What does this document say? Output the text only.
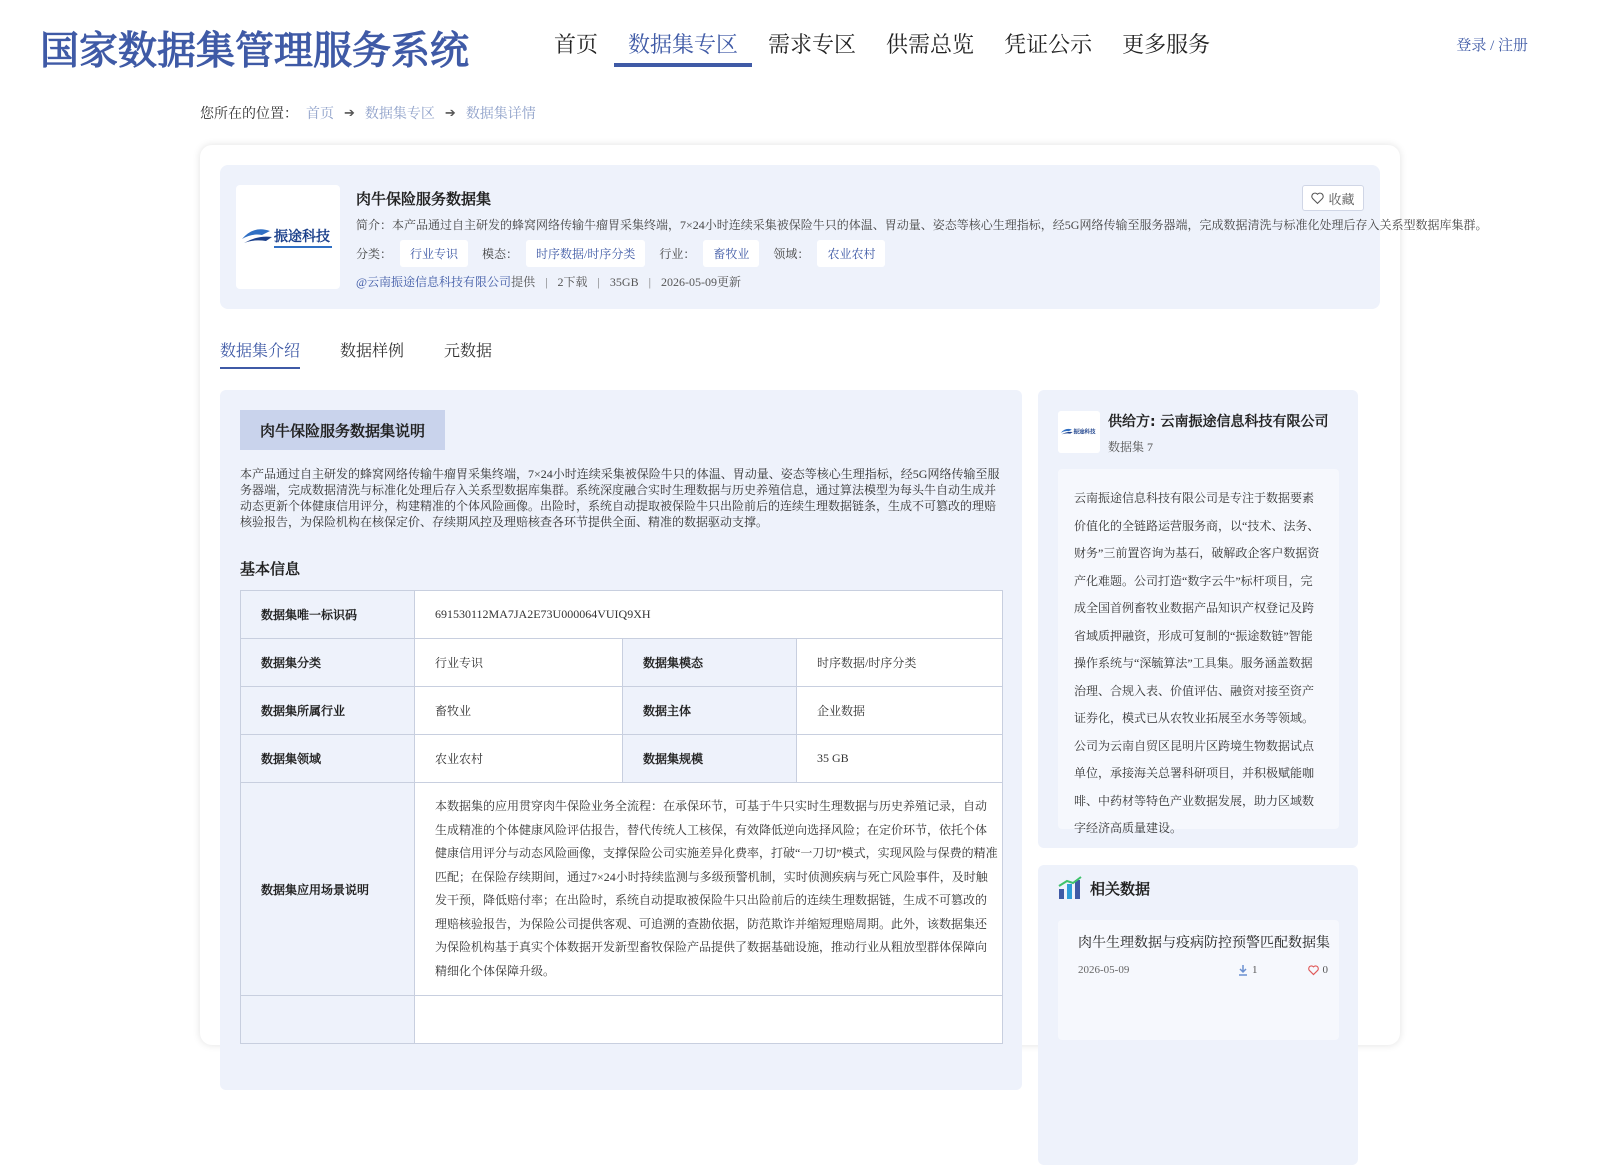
国家数据集管理服务系统	首页	数据集专区	需求专区	供需总览	凭证公示	更多服务	登录 / 注册
您所在的位置： 首页 ➔ 数据集专区 ➔ 数据集详情
振途科技
肉牛保险服务数据集
简介：本产品通过自主研发的蜂窝网络传输牛瘤胃采集终端，7×24小时连续采集被保险牛只的体温、胃动量、姿态等核心生理指标，经5G网络传输至服务器端，完成数据清洗与标准化处理后存入关系型数据库集群。
分类：	行业专识	模态：	时序数据/时序分类	行业：	畜牧业	领域：	农业农村
@云南振途信息科技有限公司提供 | 2下载 | 35GB | 2026-05-09更新
收藏
数据集介绍	数据样例	元数据
肉牛保险服务数据集说明
本产品通过自主研发的蜂窝网络传输牛瘤胃采集终端，7×24小时连续采集被保险牛只的体温、胃动量、姿态等核心生理指标，经5G网络传输至服务器端，完成数据清洗与标准化处理后存入关系型数据库集群。系统深度融合实时生理数据与历史养殖信息，通过算法模型为每头牛自动生成并动态更新个体健康信用评分，构建精准的个体风险画像。出险时，系统自动提取被保险牛只出险前后的连续生理数据链条，生成不可篡改的理赔核验报告，为保险机构在核保定价、存续期风控及理赔核查各环节提供全面、精准的数据驱动支撑。
基本信息
数据集唯一标识码	691530112MA7JA2E73U000064VUIQ9XH		
数据集分类	行业专识	数据集模态	时序数据/时序分类
数据集所属行业	畜牧业	数据主体	企业数据
数据集领域	农业农村	数据集规模	35 GB
数据集应用场景说明	本数据集的应用贯穿肉牛保险业务全流程：在承保环节，可基于牛只实时生理数据与历史养殖记录，自动生成精准的个体健康风险评估报告，替代传统人工核保，有效降低逆向选择风险；在定价环节，依托个体健康信用评分与动态风险画像，支撑保险公司实施差异化费率，打破“一刀切”模式，实现风险与保费的精准匹配；在保险存续期间，通过7×24小时持续监测与多级预警机制，实时侦测疾病与死亡风险事件，及时触发干预，降低赔付率；在出险时，系统自动提取被保险牛只出险前后的连续生理数据链，生成不可篡改的理赔核验报告，为保险公司提供客观、可追溯的查勘依据，防范欺诈并缩短理赔周期。此外，该数据集还为保险机构基于真实个体数据开发新型畜牧保险产品提供了数据基础设施，推动行业从粗放型群体保障向精细化个体保障升级。		

振途科技
供给方: 云南振途信息科技有限公司
数据集 7
云南振途信息科技有限公司是专注于数据要素价值化的全链路运营服务商，以“技术、法务、财务”三前置咨询为基石，破解政企客户数据资产化难题。公司打造“数字云牛”标杆项目，完成全国首例畜牧业数据产品知识产权登记及跨省域质押融资，形成可复制的“振途数链”智能操作系统与“深毓算法”工具集。服务涵盖数据治理、合规入表、价值评估、融资对接至资产证券化，模式已从农牧业拓展至水务等领域。公司为云南自贸区昆明片区跨境生物数据试点单位，承接海关总署科研项目，并积极赋能咖啡、中药材等特色产业数据发展，助力区域数字经济高质量建设。
相关数据
肉牛生理数据与疫病防控预警匹配数据集
2026-05-09	1	0
